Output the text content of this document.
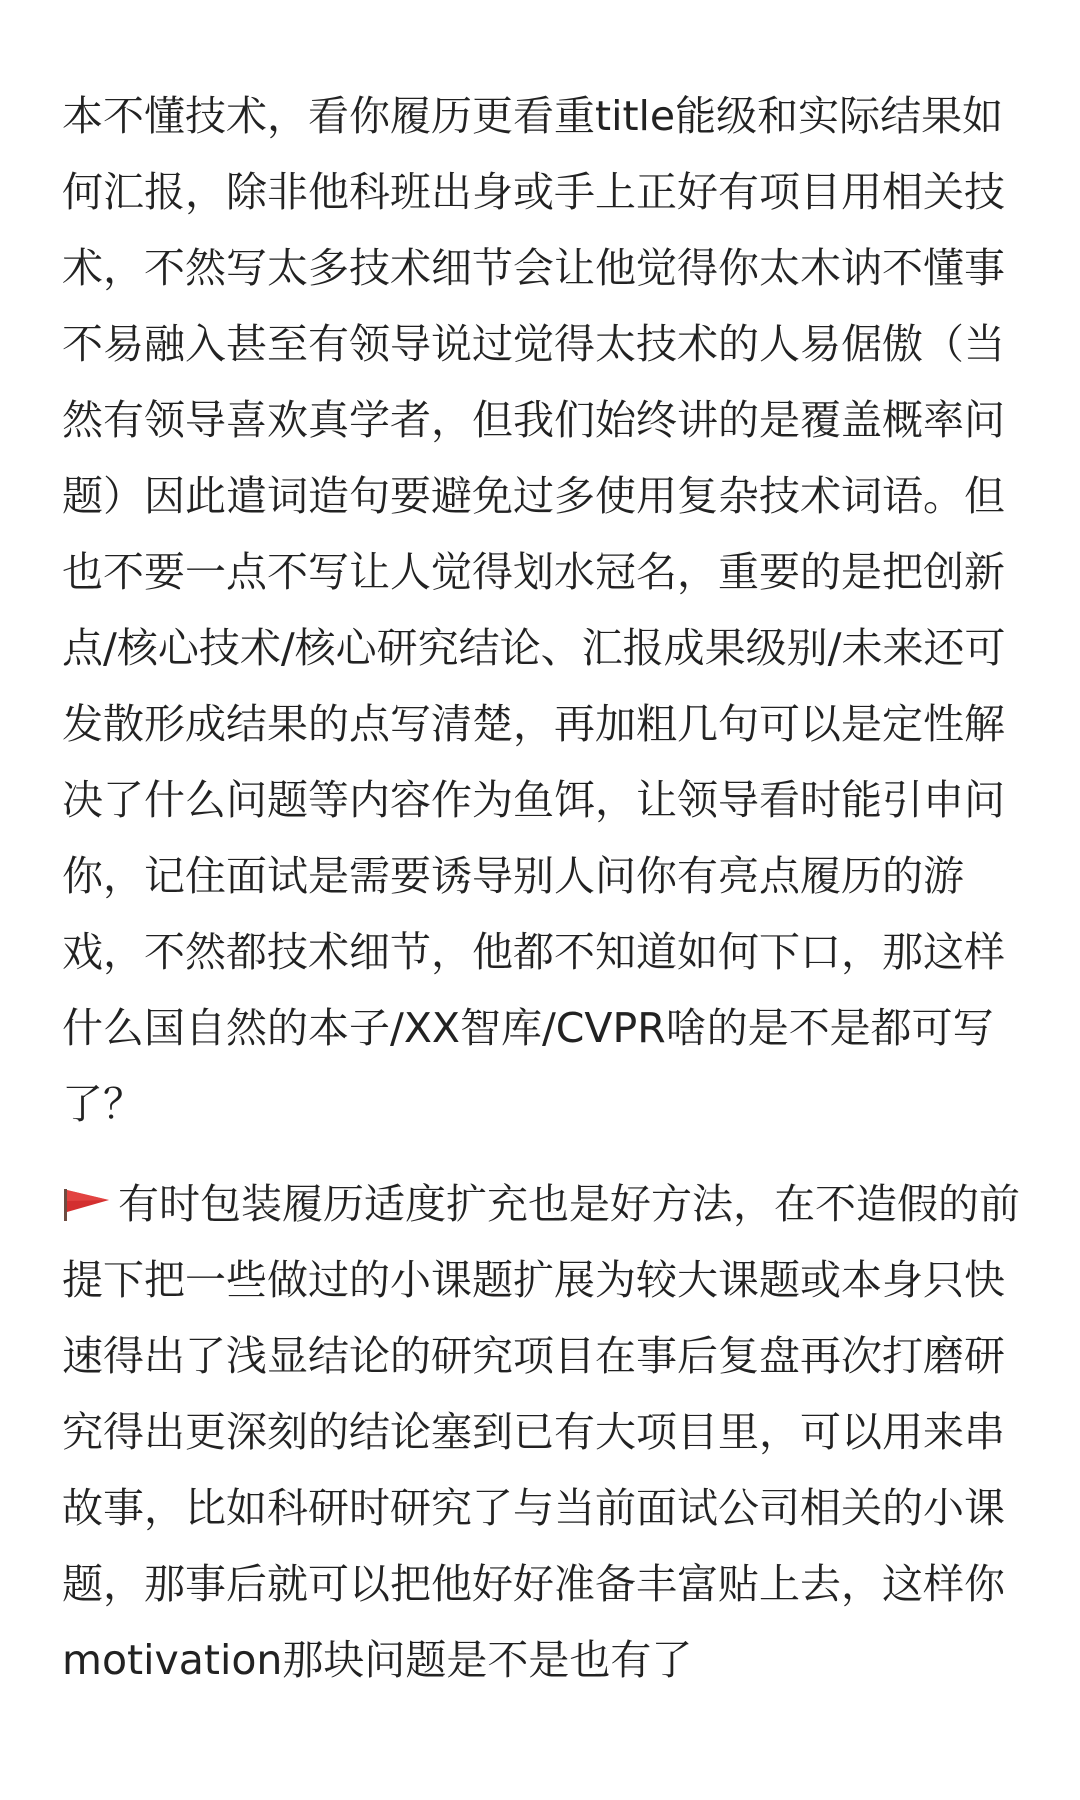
本不懂技术，看你履历更看重title能级和实际结果如何汇报，除非他科班出身或手上正好有项目用相关技术，不然写太多技术细节会让他觉得你太木讷不懂事不易融入甚至有领导说过觉得太技术的人易倨傲（当然有领导喜欢真学者，但我们始终讲的是覆盖概率问题）因此遣词造句要避免过多使用复杂技术词语。但也不要一点不写让人觉得划水冠名，重要的是把创新点/核心技术/核心研究结论、汇报成果级别/未来还可发散形成结果的点写清楚，再加粗几句可以是定性解决了什么问题等内容作为鱼饵，让领导看时能引申问你，记住面试是需要诱导别人问你有亮点履历的游戏，不然都技术细节，他都不知道如何下口，那这样什么国自然的本子/XX智库/CVPR啥的是不是都可写了？

有时包装履历适度扩充也是好方法，在不造假的前提下把一些做过的小课题扩展为较大课题或本身只快速得出了浅显结论的研究项目在事后复盘再次打磨研究得出更深刻的结论塞到已有大项目里，可以用来串故事，比如科研时研究了与当前面试公司相关的小课题，那事后就可以把他好好准备丰富贴上去，这样你motivation那块问题是不是也有了
